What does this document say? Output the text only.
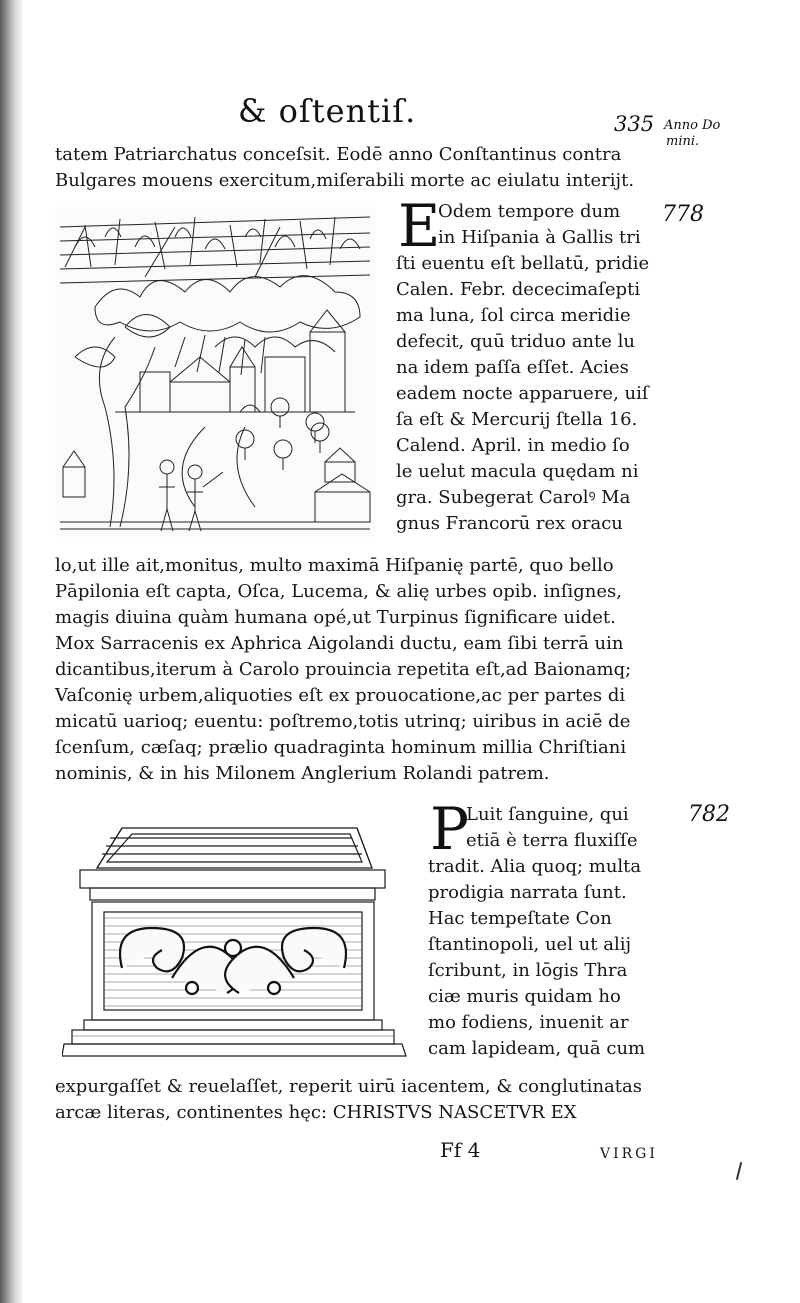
& oſtentiſ.	335 Anno Do
mini.
tatem Patriarchatus conceſsit. Eodē anno Conſtantinus contra
Bulgares mouens exercitum,miſerabili morte ac eiulatu interijt.
E
Odem tempore dum
in Hiſpania à Gallis tri
ſti euentu eſt bellatū, pridie
Calen. Febr. dececimaſepti
ma luna, ſol circa meridie
defecit, quū triduo ante lu
na idem paſſa eſſet. Acies
eadem nocte apparuere, uiſ
ſa eſt & Mercurij ſtella 16.
Calend. April. in medio ſo
le uelut macula quędam ni
gra. Subegerat Carolꝰ Ma
gnus Francorū rex oracu
778
lo,ut ille ait,monitus, multo maximā Hiſpanię partē, quo bello
Pāpilonia eſt capta, Oſca, Lucema, & alię urbes opib. inſignes,
magis diuina quàm humana opé,ut Turpinus ſignificare uidet.
Mox Sarracenis ex Aphrica Aigolandi ductu, eam ſibi terrā uin
dicantibus,iterum à Carolo prouincia repetita eſt,ad Baionamq;
Vaſconię urbem,aliquoties eſt ex prouocatione,ac per partes di
micatū uarioq; euentu: poſtremo,totis utrinq; uiribus in aciē de
ſcenſum, cæſaq; prælio quadraginta hominum millia Chriſtiani
nominis, & in his Milonem Anglerium Rolandi patrem.
P
Luit ſanguine, qui
etiā è terra fluxiſſe
tradit. Alia quoq; multa
prodigia narrata ſunt.
Hac tempeſtate Con
ſtantinopoli, uel ut alij
ſcribunt, in lōgis Thra
ciæ muris quidam ho
mo fodiens, inuenit ar
cam lapideam, quā cum
782
expurgaſſet & reuelaſſet, reperit uirū iacentem, & conglutinatas
arcæ literas, continentes hęc: CHRISTVS NASCETVR EX
Ff 4	VIRGI
